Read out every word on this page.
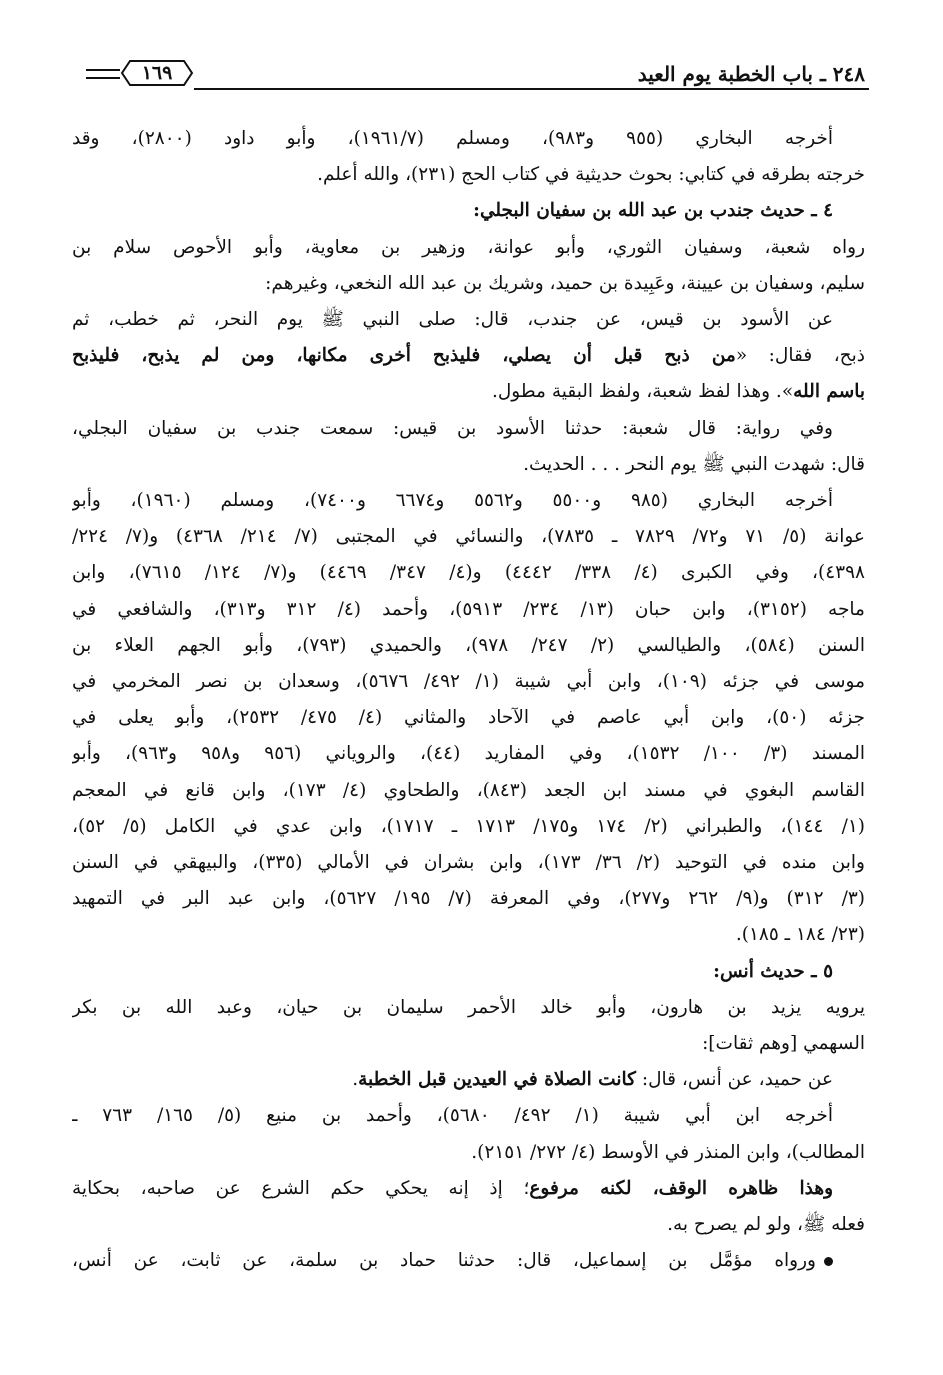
٢٤٨ ـ باب الخطبة يوم العيد
١٦٩
أخرجه البخاري (٩٥٥ و٩٨٣)، ومسلم (١٩٦١/٧)، وأبو داود (٢٨٠٠)، وقد
خرجته بطرقه في كتابي: بحوث حديثية في كتاب الحج (٢٣١)، والله أعلم.
٤ ـ حديث جندب بن عبد الله بن سفيان البجلي:
رواه شعبة، وسفيان الثوري، وأبو عوانة، وزهير بن معاوية، وأبو الأحوص سلام بن
سليم، وسفيان بن عيينة، وعَبِيدة بن حميد، وشريك بن عبد الله النخعي، وغيرهم:
عن الأسود بن قيس، عن جندب، قال: صلى النبي ﷺ يوم النحر، ثم خطب، ثم
ذبح، فقال: «من ذبح قبل أن يصلي، فليذبح أخرى مكانها، ومن لم يذبح، فليذبح
باسم الله». وهذا لفظ شعبة، ولفظ البقية مطول.
وفي رواية: قال شعبة: حدثنا الأسود بن قيس: سمعت جندب بن سفيان البجلي،
قال: شهدت النبي ﷺ يوم النحر . . . الحديث.
أخرجه البخاري (٩٨٥ و٥٥٠٠ و٥٥٦٢ و٦٦٧٤ و٧٤٠٠)، ومسلم (١٩٦٠)، وأبو
عوانة (٥/ ٧١ و٧٢/ ٧٨٢٩ ـ ٧٨٣٥)، والنسائي في المجتبى (٧/ ٢١٤/ ٤٣٦٨) و(٧/ ٢٢٤/
٤٣٩٨)، وفي الكبرى (٤/ ٣٣٨/ ٤٤٤٢) و(٤/ ٣٤٧/ ٤٤٦٩) و(٧/ ١٢٤/ ٧٦١٥)، وابن
ماجه (٣١٥٢)، وابن حبان (١٣/ ٢٣٤/ ٥٩١٣)، وأحمد (٤/ ٣١٢ و٣١٣)، والشافعي في
السنن (٥٨٤)، والطيالسي (٢/ ٢٤٧/ ٩٧٨)، والحميدي (٧٩٣)، وأبو الجهم العلاء بن
موسى في جزئه (١٠٩)، وابن أبي شيبة (١/ ٤٩٢/ ٥٦٧٦)، وسعدان بن نصر المخرمي في
جزئه (٥٠)، وابن أبي عاصم في الآحاد والمثاني (٤/ ٤٧٥/ ٢٥٣٢)، وأبو يعلى في
المسند (٣/ ١٠٠/ ١٥٣٢)، وفي المفاريد (٤٤)، والروياني (٩٥٦ و٩٥٨ و٩٦٣)، وأبو
القاسم البغوي في مسند ابن الجعد (٨٤٣)، والطحاوي (٤/ ١٧٣)، وابن قانع في المعجم
(١/ ١٤٤)، والطبراني (٢/ ١٧٤ و١٧٥/ ١٧١٣ ـ ١٧١٧)، وابن عدي في الكامل (٥/ ٥٢)،
وابن منده في التوحيد (٢/ ٣٦/ ١٧٣)، وابن بشران في الأمالي (٣٣٥)، والبيهقي في السنن
(٣/ ٣١٢) و(٩/ ٢٦٢ و٢٧٧)، وفي المعرفة (٧/ ١٩٥/ ٥٦٢٧)، وابن عبد البر في التمهيد
(٢٣/ ١٨٤ ـ ١٨٥).
٥ ـ حديث أنس:
يرويه يزيد بن هارون، وأبو خالد الأحمر سليمان بن حيان، وعبد الله بن بكر
السهمي [وهم ثقات]:
عن حميد، عن أنس، قال: كانت الصلاة في العيدين قبل الخطبة.
أخرجه ابن أبي شيبة (١/ ٤٩٢/ ٥٦٨٠)، وأحمد بن منيع (٥/ ١٦٥/ ٧٦٣ ـ
المطالب)، وابن المنذر في الأوسط (٤/ ٢٧٢/ ٢١٥١).
وهذا ظاهره الوقف، لكنه مرفوع؛ إذ إنه يحكي حكم الشرع عن صاحبه، بحكاية
فعله ﷺ، ولو لم يصرح به.
ورواه مؤمَّل بن إسماعيل، قال: حدثنا حماد بن سلمة، عن ثابت، عن أنس،
